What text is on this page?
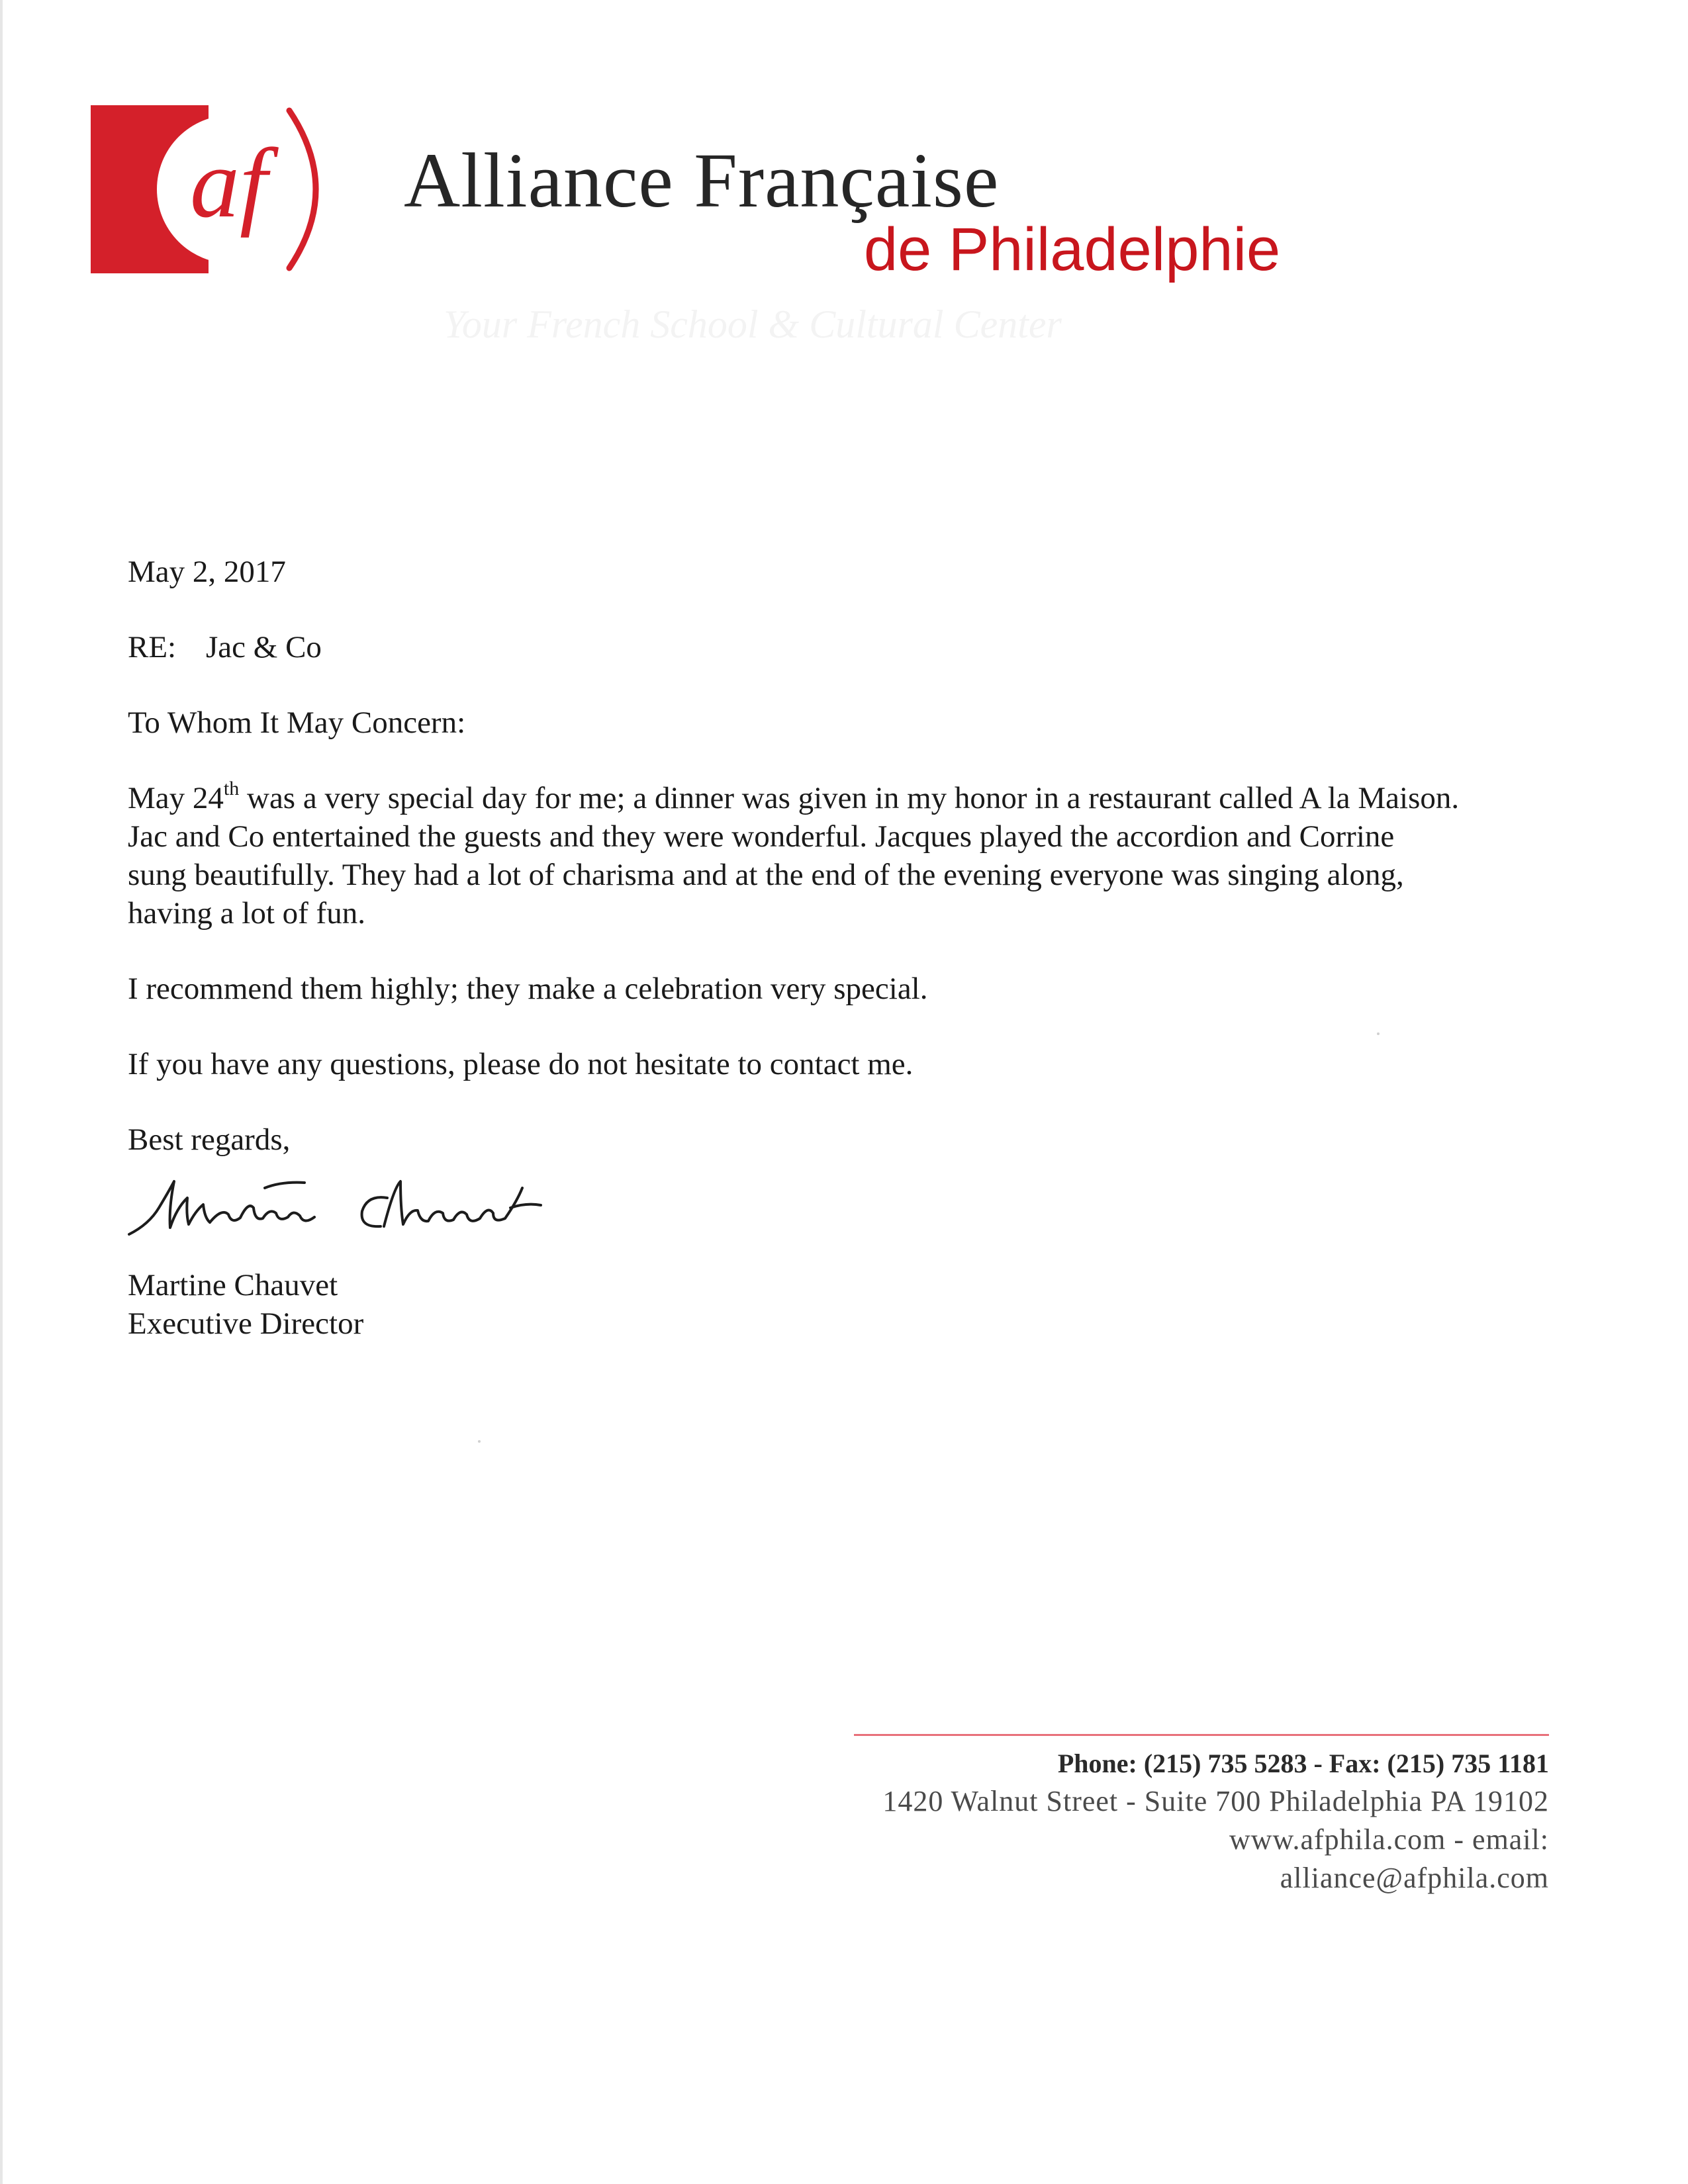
af Alliance Française
de Philadelphie
Your French School & Cultural Center

May 2, 2017

RE: Jac & Co

To Whom It May Concern:

May 24th was a very special day for me; a dinner was given in my honor in a restaurant called A la Maison.
Jac and Co entertained the guests and they were wonderful. Jacques played the accordion and Corrine
sung beautifully. They had a lot of charisma and at the end of the evening everyone was singing along,
having a lot of fun.

I recommend them highly; they make a celebration very special.

If you have any questions, please do not hesitate to contact me.

Best regards,

Martine Chauvet

Martine Chauvet

Executive Director

Phone: (215) 735 5283 - Fax: (215) 735 1181
1420 Walnut Street - Suite 700 Philadelphia PA 19102
www.afphila.com - email:
alliance@afphila.com
